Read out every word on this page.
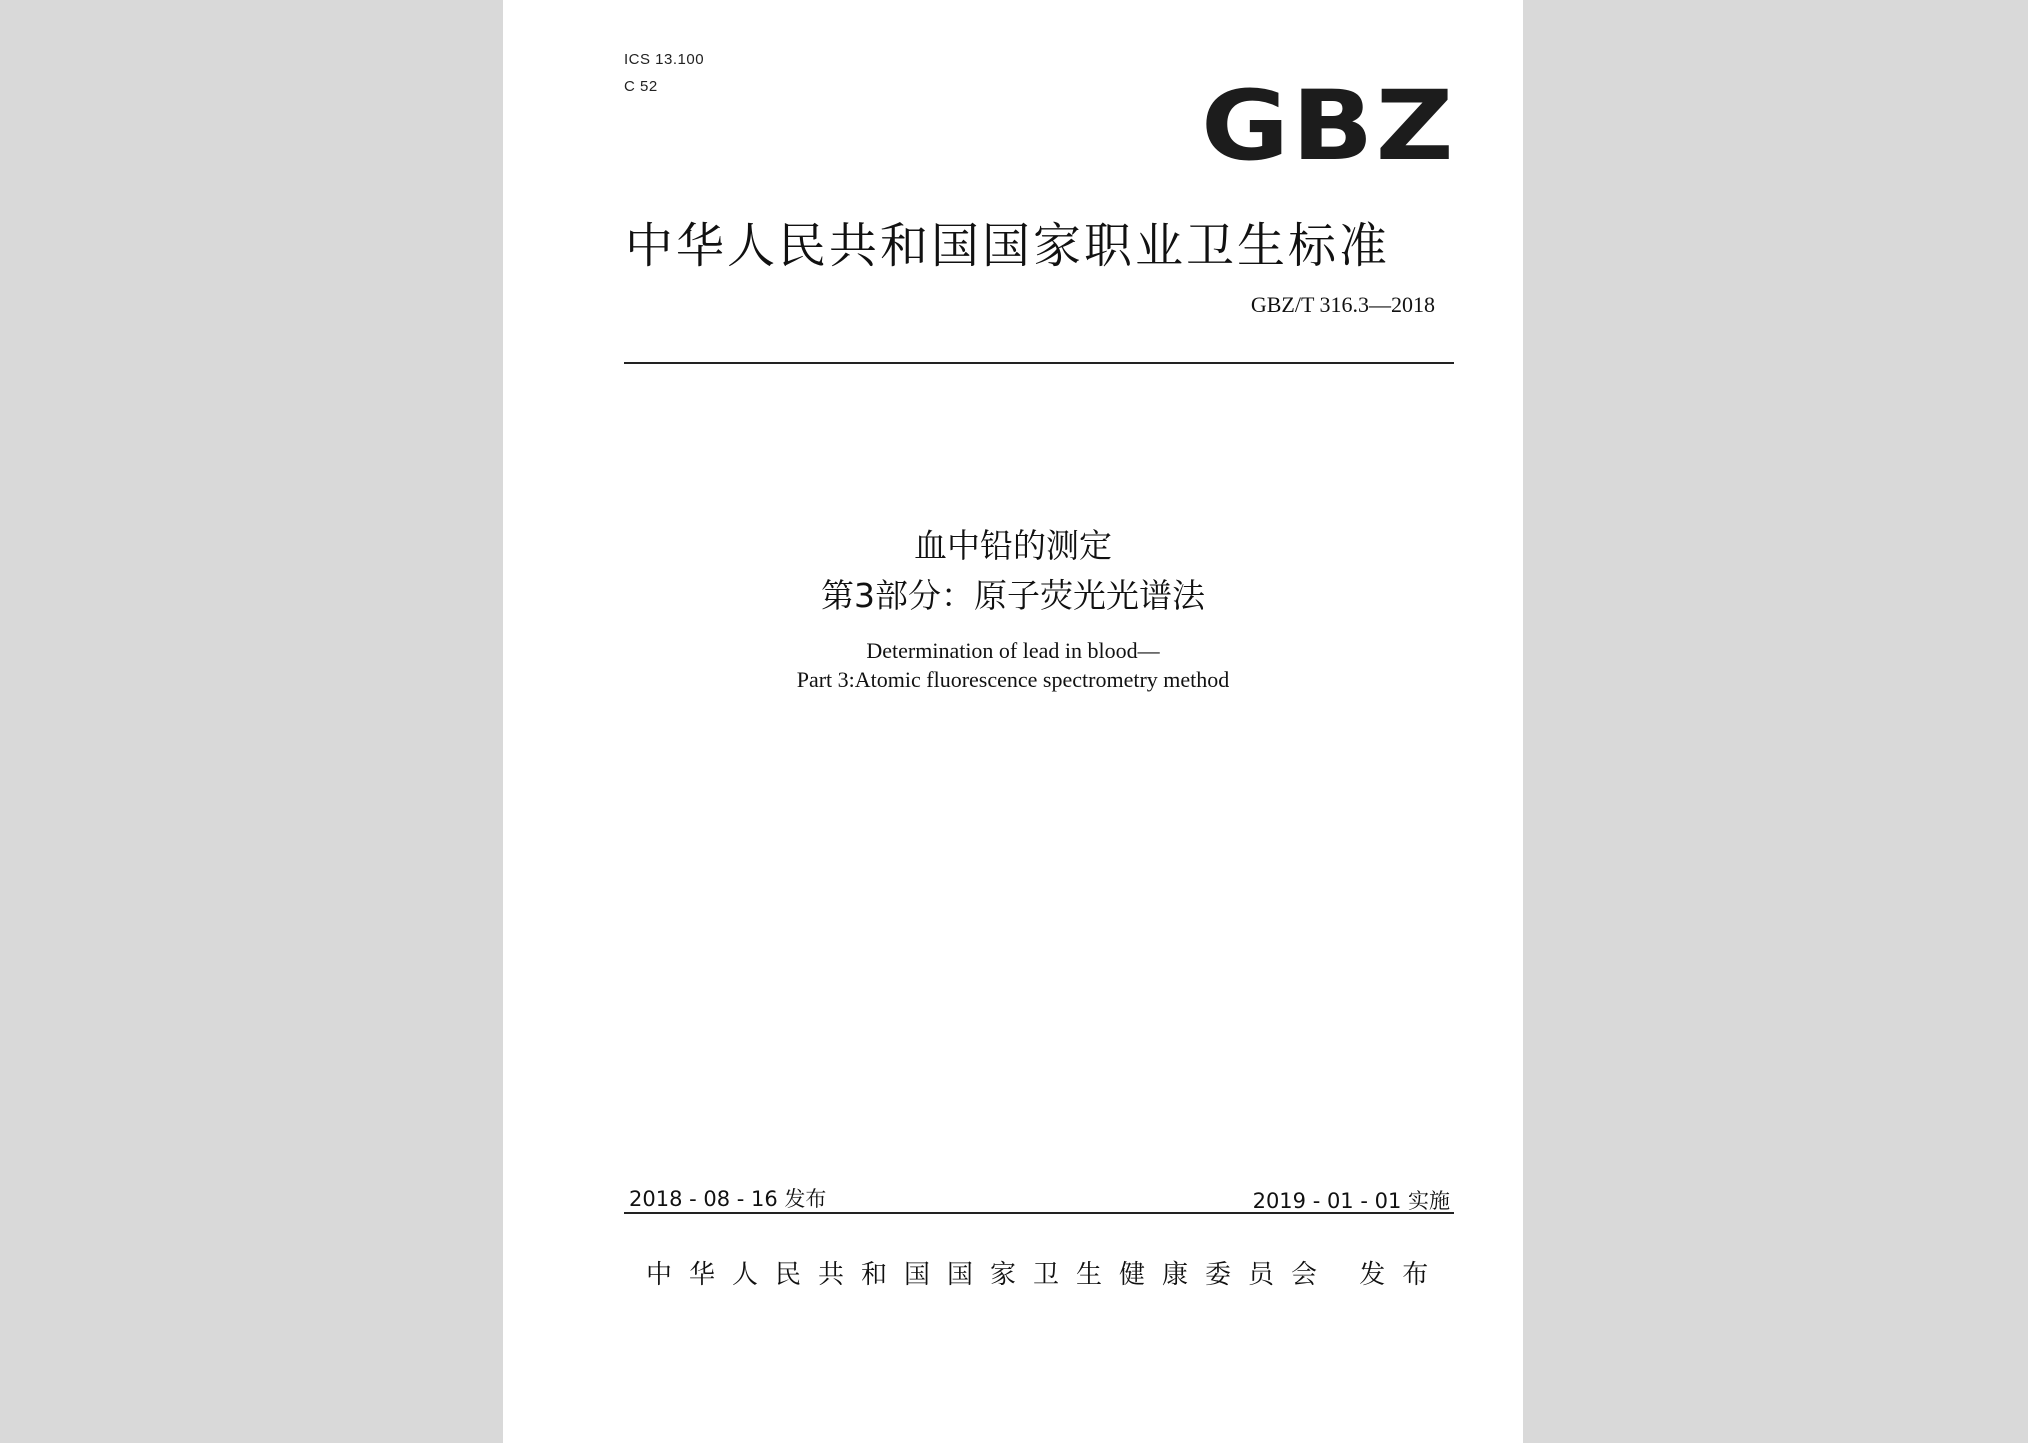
ICS 13.100
C 52	GBZ
中华人民共和国国家职业卫生标准
GBZ/T 316.3—2018
血中铅的测定
第3部分：原子荧光光谱法
Determination of lead in blood—
Part 3:Atomic fluorescence spectrometry method
2018 - 08 - 16 发布	2019 - 01 - 01 实施
中华人民共和国国家卫生健康委员会 发布
